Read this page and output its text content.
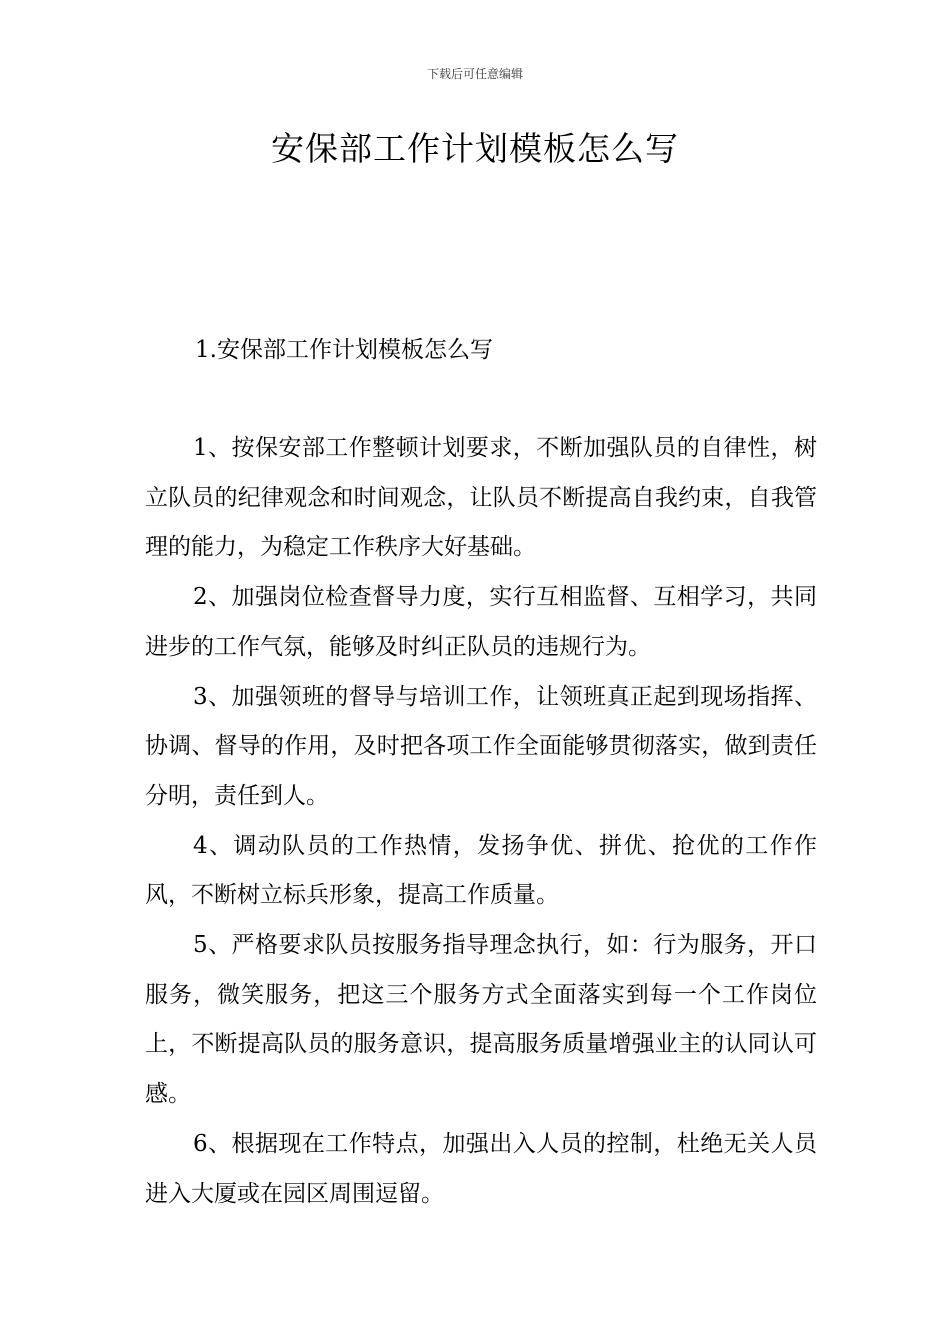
下载后可任意编辑
安保部工作计划模板怎么写
1.安保部工作计划模板怎么写

1、按保安部工作整顿计划要求，不断加强队员的自律性，树立队员的纪律观念和时间观念，让队员不断提高自我约束，自我管理的能力，为稳定工作秩序大好基础。

2、加强岗位检查督导力度，实行互相监督、互相学习，共同进步的工作气氛，能够及时纠正队员的违规行为。

3、加强领班的督导与培训工作，让领班真正起到现场指挥、协调、督导的作用，及时把各项工作全面能够贯彻落实，做到责任分明，责任到人。

4、调动队员的工作热情，发扬争优、拼优、抢优的工作作风，不断树立标兵形象，提高工作质量。

5、严格要求队员按服务指导理念执行，如：行为服务，开口服务，微笑服务，把这三个服务方式全面落实到每一个工作岗位上，不断提高队员的服务意识，提高服务质量增强业主的认同认可感。

6、根据现在工作特点，加强出入人员的控制，杜绝无关人员进入大厦或在园区周围逗留。
